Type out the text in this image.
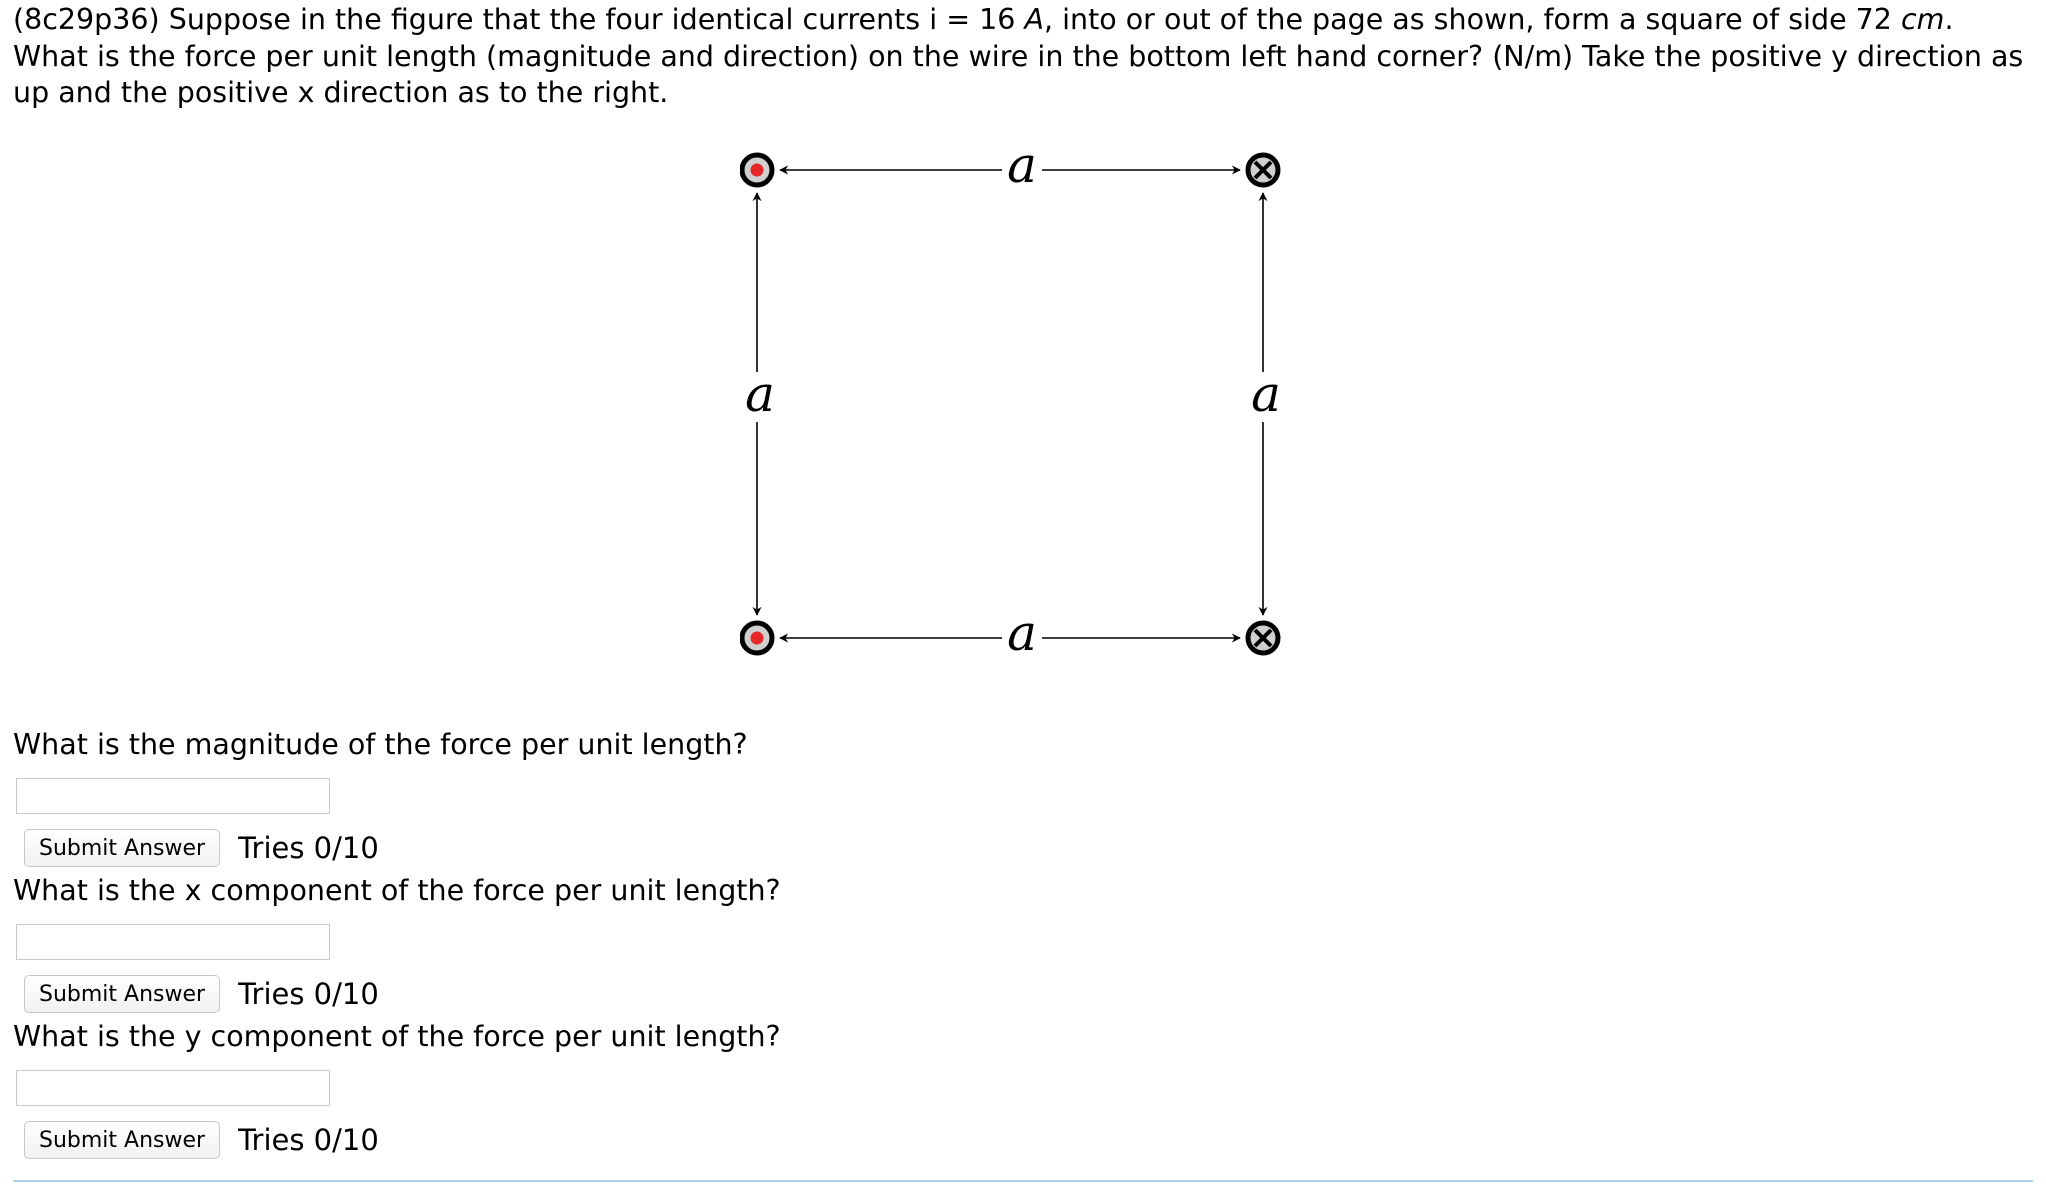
(8c29p36) Suppose in the figure that the four identical currents i = 16 A, into or out of the page as shown, form a square of side 72 cm. What is the force per unit length (magnitude and direction) on the wire in the bottom left hand corner? (N/m) Take the positive y direction as up and the positive x direction as to the right.

a
a
a	a

What is the magnitude of the force per unit length?

Submit Answer	Tries 0/10

What is the x component of the force per unit length?

Submit Answer	Tries 0/10

What is the y component of the force per unit length?

Submit Answer	Tries 0/10
